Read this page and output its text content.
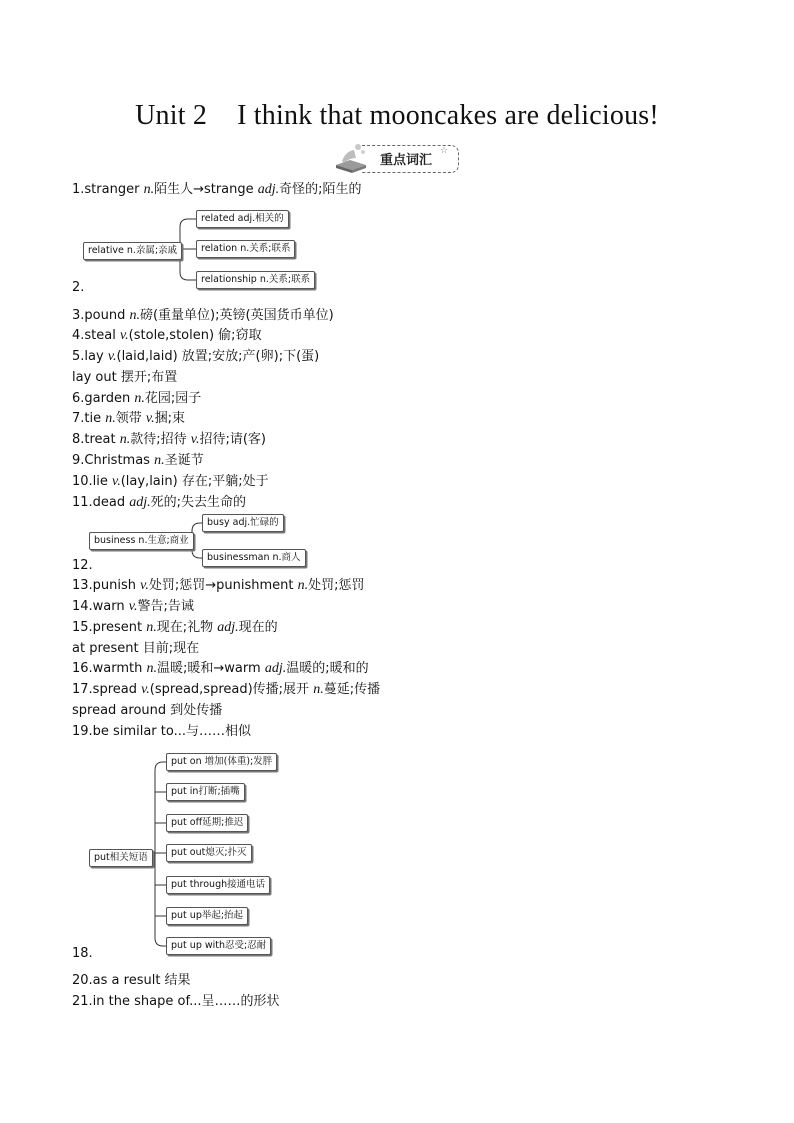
Unit 2 I think that mooncakes are delicious!
重点词汇
☆
1.stranger n.陌生人→strange adj.奇怪的;陌生的
relative n.亲属;亲戚
related adj.相关的
relation n.关系;联系
relationship n.关系;联系
2.
3.pound n.磅(重量单位);英镑(英国货币单位)
4.steal v.(stole,stolen) 偷;窃取
5.lay v.(laid,laid) 放置;安放;产(卵);下(蛋)
lay out 摆开;布置
6.garden n.花园;园子
7.tie n.领带 v.捆;束
8.treat n.款待;招待 v.招待;请(客)
9.Christmas n.圣诞节
10.lie v.(lay,lain) 存在;平躺;处于
11.dead adj.死的;失去生命的
business n.生意;商业
busy adj.忙碌的
businessman n.商人
12.
13.punish v.处罚;惩罚→punishment n.处罚;惩罚
14.warn v.警告;告诫
15.present n.现在;礼物 adj.现在的
at present 目前;现在
16.warmth n.温暖;暖和→warm adj.温暖的;暖和的
17.spread v.(spread,spread)传播;展开 n.蔓延;传播
spread around 到处传播
19.be similar to...与……相似
put相关短语
put on 增加(体重);发胖
put in打断;插嘴
put off延期;推迟
put out熄灭;扑灭
put through接通电话
put up举起;抬起
put up with忍受;忍耐
18.
20.as a result 结果
21.in the shape of...呈……的形状
